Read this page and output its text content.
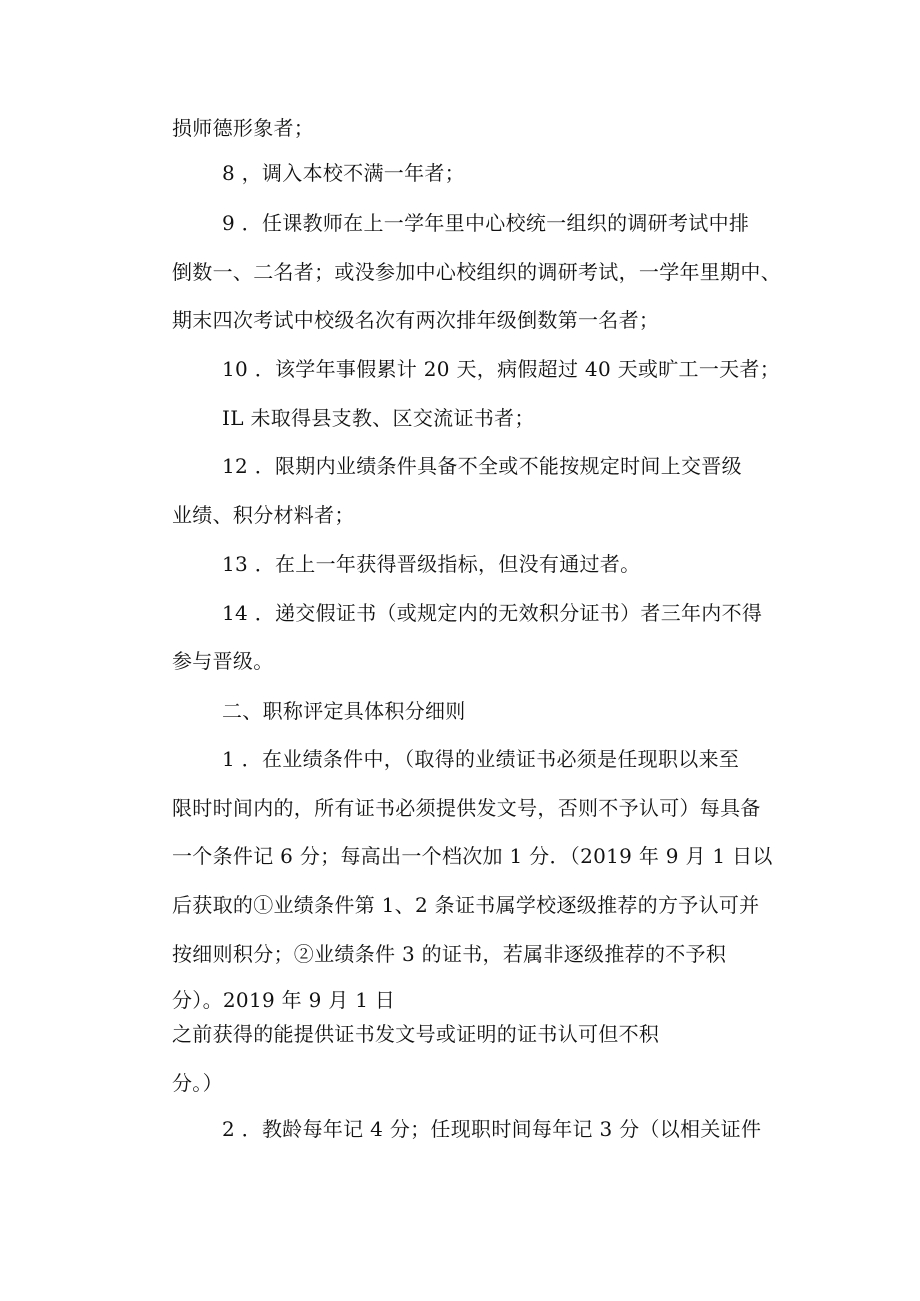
损师德形象者；
8 ，调入本校不满一年者；
9 ．任课教师在上一学年里中心校统一组织的调研考试中排
倒数一、二名者；或没参加中心校组织的调研考试，一学年里期中、
期末四次考试中校级名次有两次排年级倒数第一名者；
10 ．该学年事假累计 20 天，病假超过 40 天或旷工一天者；
IL 未取得县支教、区交流证书者；
12 ．限期内业绩条件具备不全或不能按规定时间上交晋级
业绩、积分材料者；
13 ．在上一年获得晋级指标，但没有通过者。
14 ．递交假证书（或规定内的无效积分证书）者三年内不得
参与晋级。
二、职称评定具体积分细则
1 ．在业绩条件中，（取得的业绩证书必须是任现职以来至
限时时间内的，所有证书必须提供发文号，否则不予认可）每具备
一个条件记 6 分；每高出一个档次加 1 分．（2019 年 9 月 1 日以
后获取的①业绩条件第 1、2 条证书属学校逐级推荐的方予认可并
按细则积分；②业绩条件 3 的证书，若属非逐级推荐的不予积
分）。2019 年 9 月 1 日
之前获得的能提供证书发文号或证明的证书认可但不积
分。）
2 ．教龄每年记 4 分；任现职时间每年记 3 分（以相关证件
